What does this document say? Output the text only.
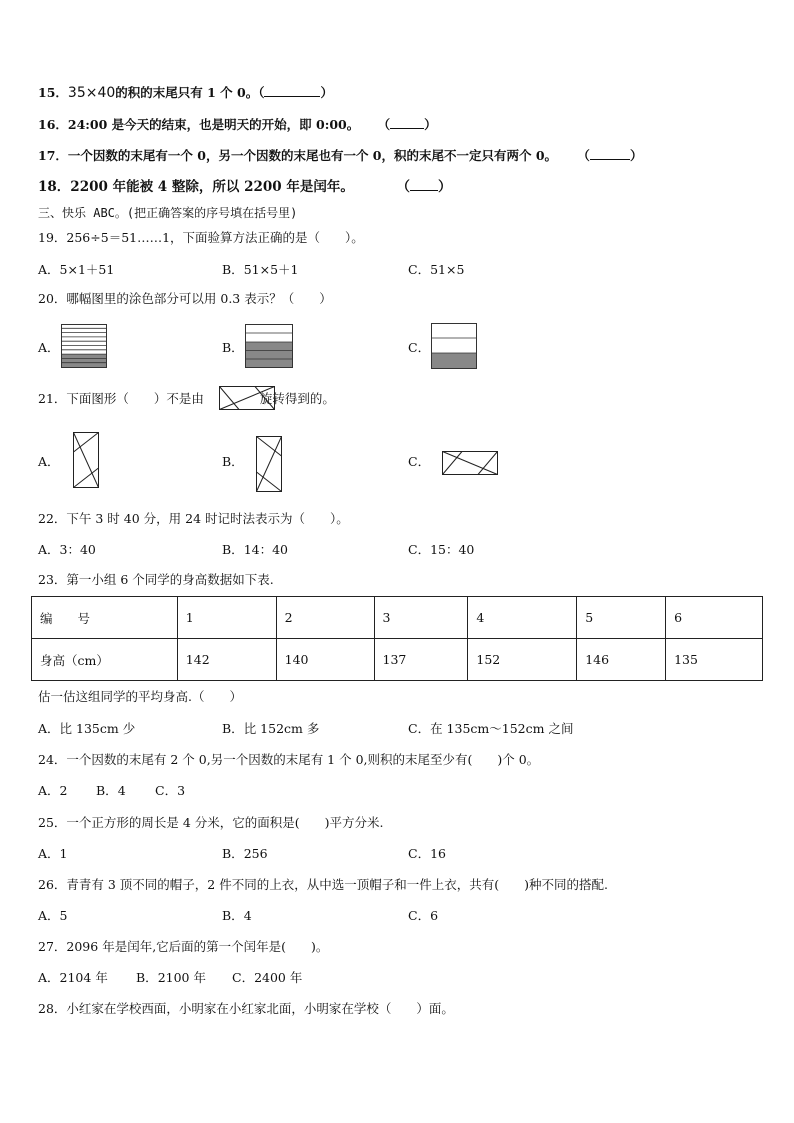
15．35×40的积的末尾只有 1 个 0。（	）
16．24:00 是今天的结束，也是明天的开始，即 0:00。 （	）
17．一个因数的末尾有一个 0，另一个因数的末尾也有一个 0，积的末尾不一定只有两个 0。 （	）
18．2200 年能被 4 整除，所以 2200 年是闰年。	（ ）
三、快乐 ABC。(把正确答案的序号填在括号里)
19．256÷5＝51……1，下面验算方法正确的是（　　）。
A．5×1＋51	B．51×5＋1	C．51×5
20．哪幅图里的涂色部分可以用 0.3 表示？（　　）
A．	B．	C．
21．下面图形（　　）不是由	旋转得到的。
A．	B．	C．
22．下午 3 时 40 分，用 24 时记时法表示为（　　）。
A．3：40	B．14：40	C．15：40
23．第一小组 6 个同学的身高数据如下表.
编　　号	1	2	3	4	5	6
身高（cm）	142	140	137	152	146	135
估一估这组同学的平均身高.（　　）
A．比 135cm 少	B．比 152cm 多	C．在 135cm～152cm 之间
24．一个因数的末尾有 2 个 0,另一个因数的末尾有 1 个 0,则积的末尾至少有(　　)个 0。
A．2 B．4 C．3
25．一个正方形的周长是 4 分米，它的面积是(　　)平方分米.
A．1	B．256	C．16
26．青青有 3 顶不同的帽子，2 件不同的上衣，从中选一顶帽子和一件上衣，共有(　　)种不同的搭配.
A．5	B．4	C．6
27．2096 年是闰年,它后面的第一个闰年是(　　)。
A．2104 年 B．2100 年 C．2400 年
28．小红家在学校西面，小明家在小红家北面，小明家在学校（　　）面。
